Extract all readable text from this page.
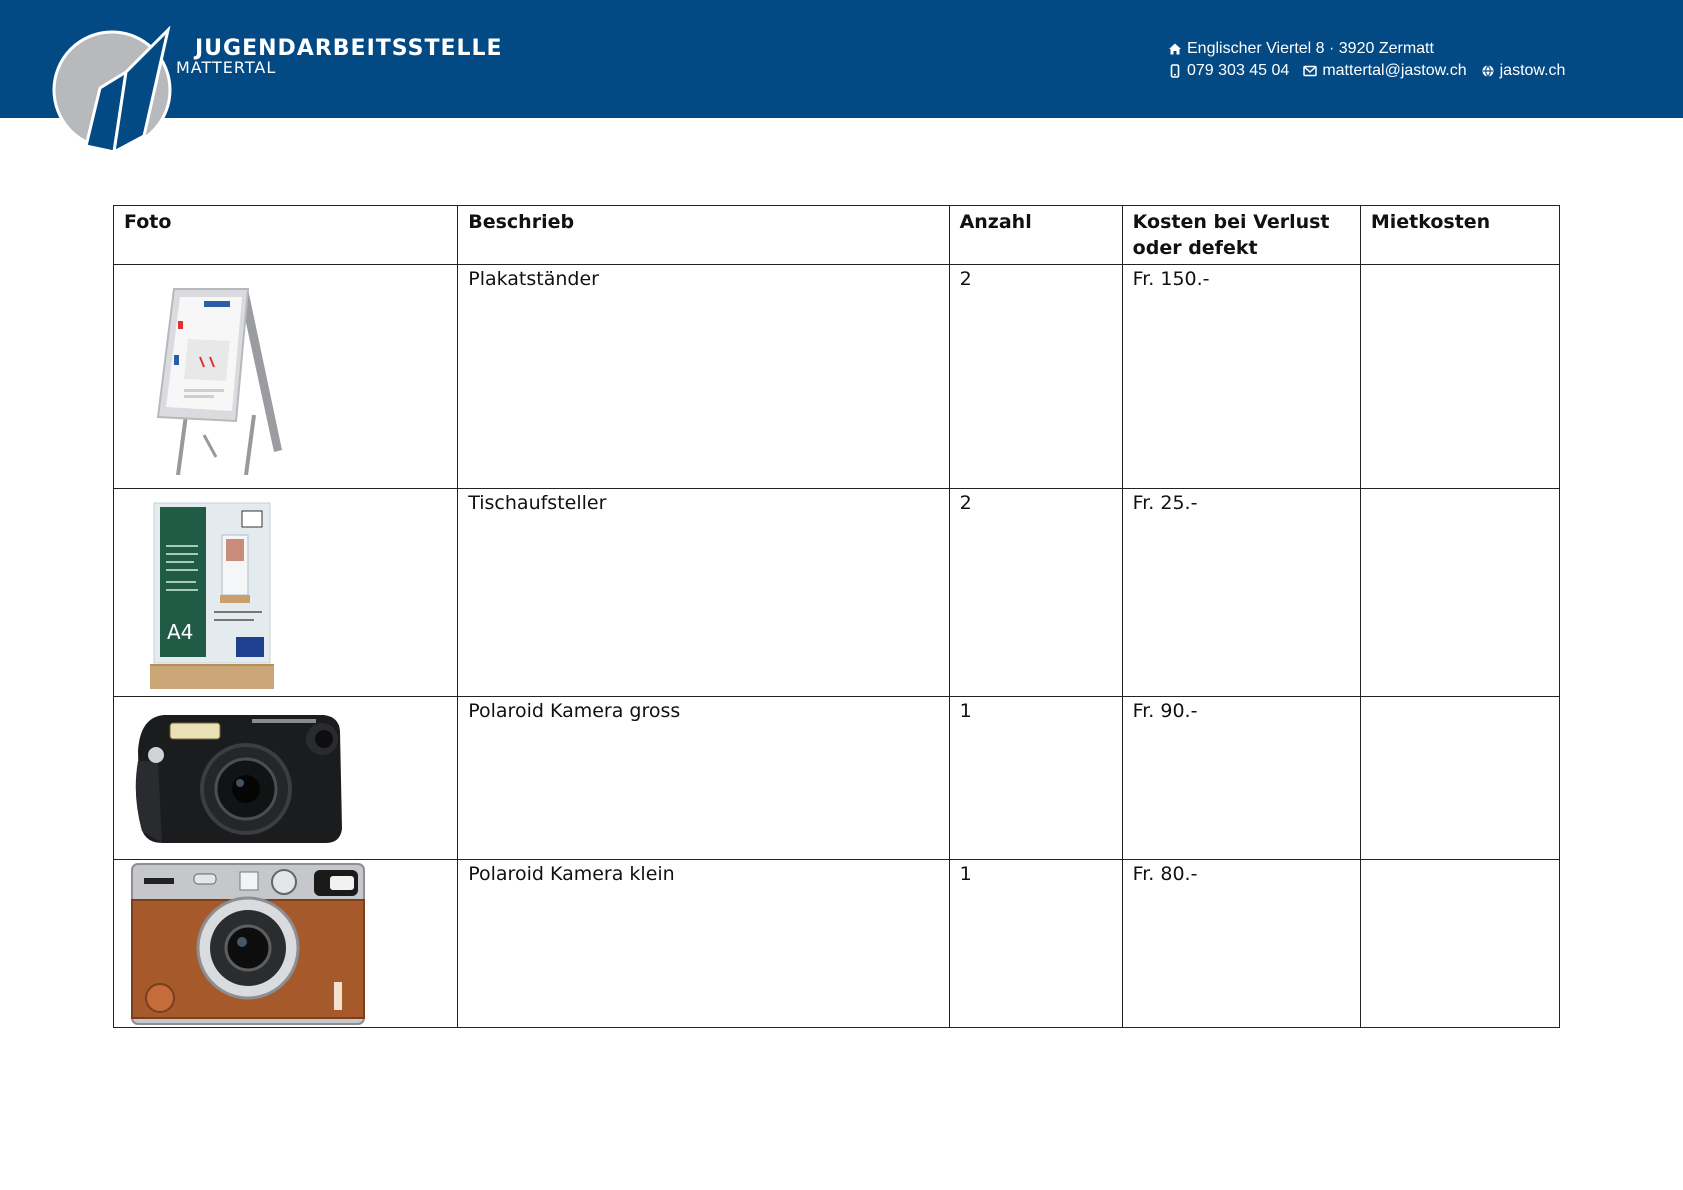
JUGENDARBEITSSTELLE
MATTERTAL
Englischer Viertel 8 · 3920 Zermatt
079 303 45 04 mattertal@jastow.ch jastow.ch
Foto	Beschrieb	Anzahl	Kosten bei Verlust oder defekt	Mietkosten

	Plakatständer	2	Fr. 150.-	

A4	Tischaufsteller	2	Fr. 25.-	

	Polaroid Kamera gross	1	Fr. 90.-	

	Polaroid Kamera klein	1	Fr. 80.-	
